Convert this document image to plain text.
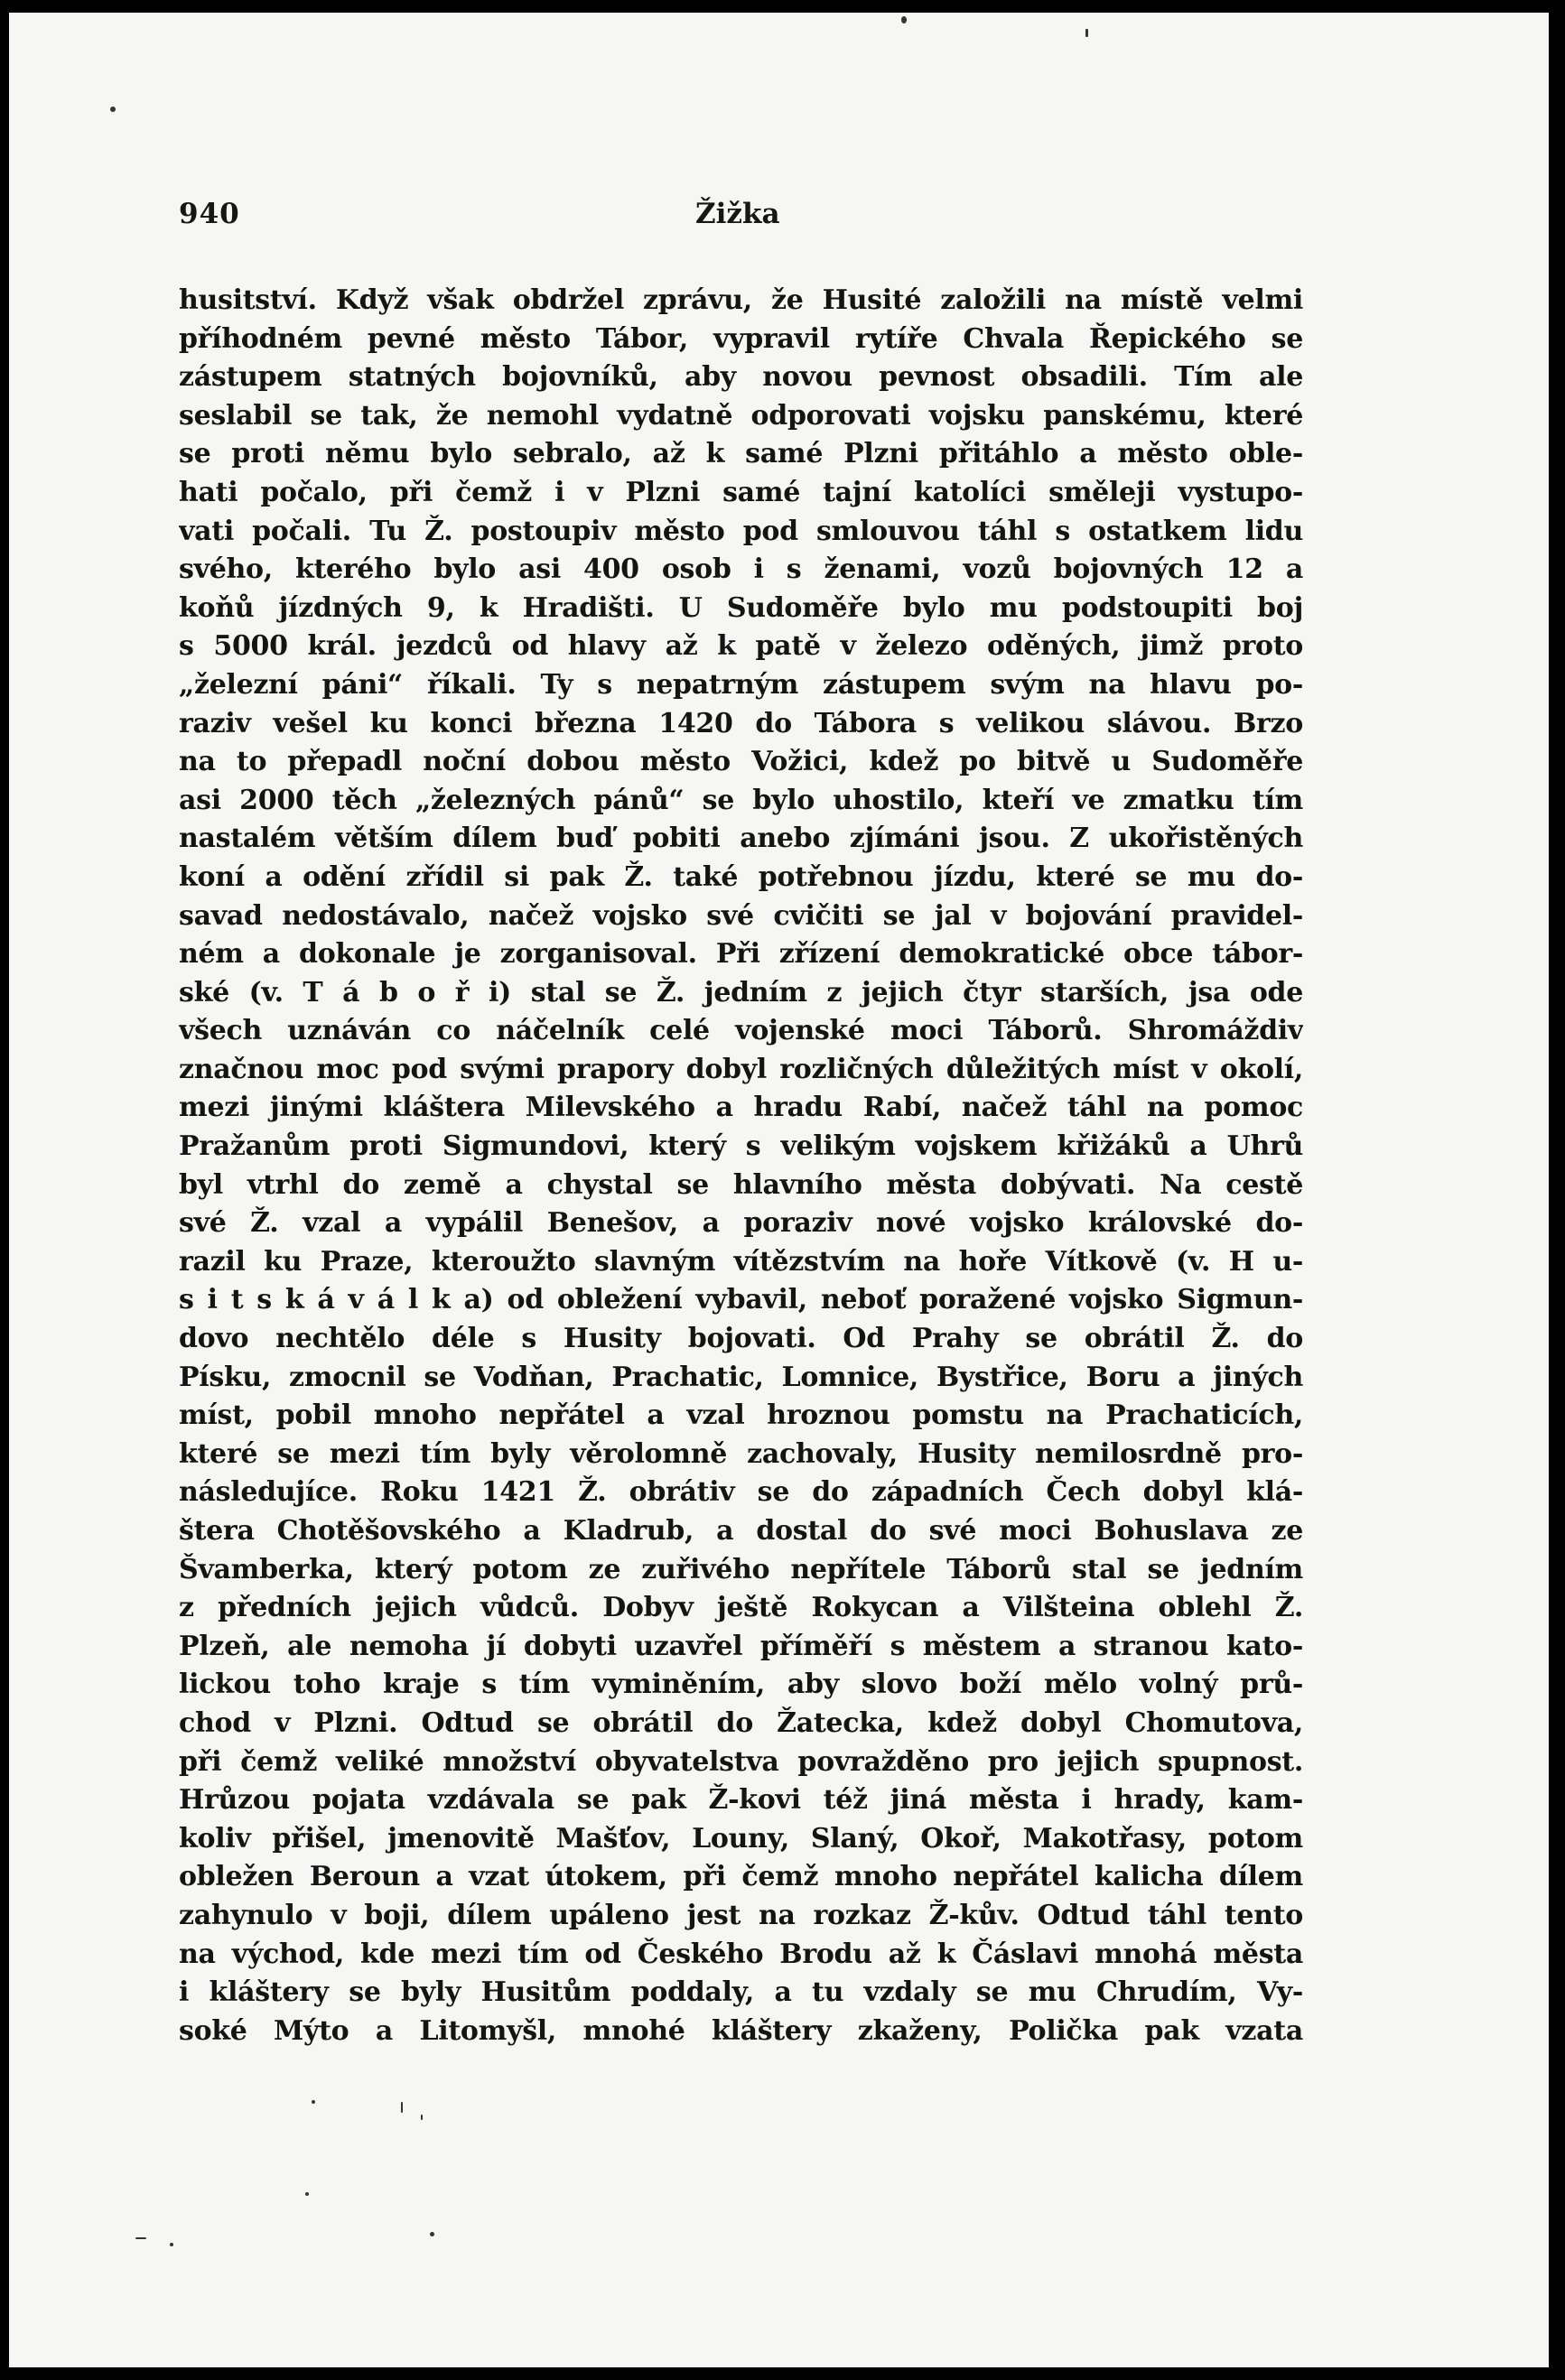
940	Žižka
husitství. Když však obdržel zprávu, že Husité založili na místě velmi
příhodném pevné město Tábor, vypravil rytíře Chvala Řepického se
zástupem statných bojovníků, aby novou pevnost obsadili. Tím ale
seslabil se tak, že nemohl vydatně odporovati vojsku panskému, které
se proti němu bylo sebralo, až k samé Plzni přitáhlo a město oble-
hati počalo, při čemž i v Plzni samé tajní katolíci směleji vystupo-
vati počali. Tu Ž. postoupiv město pod smlouvou táhl s ostatkem lidu
svého, kterého bylo asi 400 osob i s ženami, vozů bojovných 12 a
koňů jízdných 9, k Hradišti. U Sudoměře bylo mu podstoupiti boj
s 5000 král. jezdců od hlavy až k patě v železo oděných, jimž proto
„železní páni“ říkali. Ty s nepatrným zástupem svým na hlavu po-
raziv vešel ku konci března 1420 do Tábora s velikou slávou. Brzo
na to přepadl noční dobou město Vožici, kdež po bitvě u Sudoměře
asi 2000 těch „železných pánů“ se bylo uhostilo, kteří ve zmatku tím
nastalém větším dílem buď pobiti anebo zjímáni jsou. Z ukořistěných
koní a odění zřídil si pak Ž. také potřebnou jízdu, které se mu do-
savad nedostávalo, načež vojsko své cvičiti se jal v bojování pravidel-
ném a dokonale je zorganisoval. Při zřízení demokratické obce tábor-
ské (v. T á b o ř i) stal se Ž. jedním z jejich čtyr starších, jsa ode
všech uznáván co náčelník celé vojenské moci Táborů. Shromáždiv
značnou moc pod svými prapory dobyl rozličných důležitých míst v okolí,
mezi jinými kláštera Milevského a hradu Rabí, načež táhl na pomoc
Pražanům proti Sigmundovi, který s velikým vojskem křižáků a Uhrů
byl vtrhl do země a chystal se hlavního města dobývati. Na cestě
své Ž. vzal a vypálil Benešov, a poraziv nové vojsko královské do-
razil ku Praze, kteroužto slavným vítězstvím na hoře Vítkově (v. H u-
s i t s k á v á l k a) od obležení vybavil, neboť poražené vojsko Sigmun-
dovo nechtělo déle s Husity bojovati. Od Prahy se obrátil Ž. do
Písku, zmocnil se Vodňan, Prachatic, Lomnice, Bystřice, Boru a jiných
míst, pobil mnoho nepřátel a vzal hroznou pomstu na Prachaticích,
které se mezi tím byly věrolomně zachovaly, Husity nemilosrdně pro-
následujíce. Roku 1421 Ž. obrátiv se do západních Čech dobyl klá-
štera Chotěšovského a Kladrub, a dostal do své moci Bohuslava ze
Švamberka, který potom ze zuřivého nepřítele Táborů stal se jedním
z předních jejich vůdců. Dobyv ještě Rokycan a Vilšteina oblehl Ž.
Plzeň, ale nemoha jí dobyti uzavřel příměří s městem a stranou kato-
lickou toho kraje s tím vyminěním, aby slovo boží mělo volný prů-
chod v Plzni. Odtud se obrátil do Žatecka, kdež dobyl Chomutova,
při čemž veliké množství obyvatelstva povražděno pro jejich spupnost.
Hrůzou pojata vzdávala se pak Ž-kovi též jiná města i hrady, kam-
koliv přišel, jmenovitě Mašťov, Louny, Slaný, Okoř, Makotřasy, potom
obležen Beroun a vzat útokem, při čemž mnoho nepřátel kalicha dílem
zahynulo v boji, dílem upáleno jest na rozkaz Ž-kův. Odtud táhl tento
na východ, kde mezi tím od Českého Brodu až k Čáslavi mnohá města
i kláštery se byly Husitům poddaly, a tu vzdaly se mu Chrudím, Vy-
soké Mýto a Litomyšl, mnohé kláštery zkaženy, Polička pak vzata
